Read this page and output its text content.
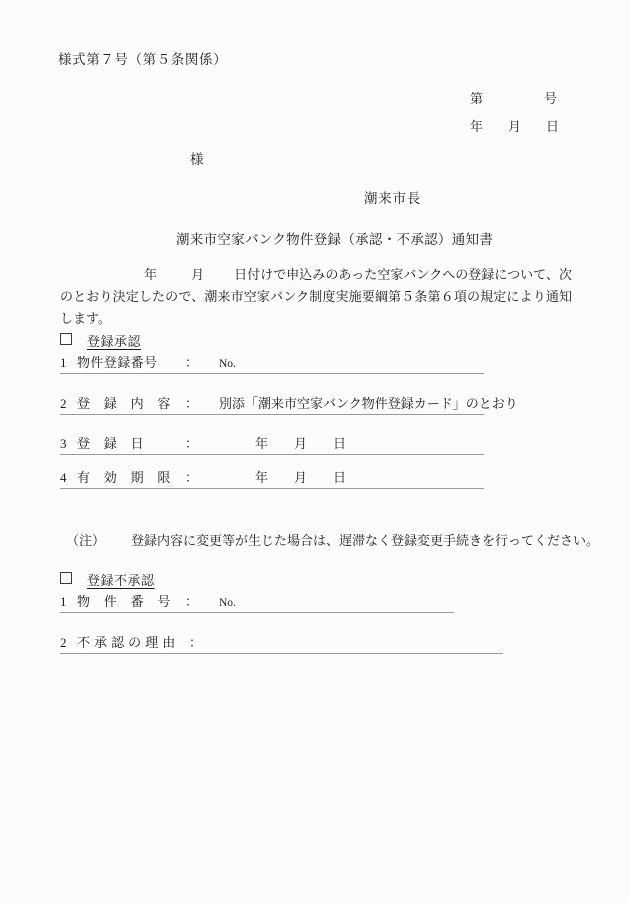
様式第７号（第５条関係）
第	号
年	月	日
様
潮来市長
潮来市空家バンク物件登録（承認・不承認）通知書
年	月 日付けで申込みのあった空家バンクへの登録について、次のとおり決定したので、潮来市空家バンク制度実施要綱第５条第６項の規定により通知します。
登録承認
1 物件登録番号 ： No.
2 登　録　内　容 ： 別添「潮来市空家バンク物件登録カード」のとおり
3 登　録　日	：	年　　月　　日
4 有　効　期　限 ：	年　　月　　日
（注） 登録内容に変更等が生じた場合は、遅滞なく登録変更手続きを行ってください。
登録不承認
1 物　件　番　号 ： No.
2 不 承 認 の 理 由 ：
